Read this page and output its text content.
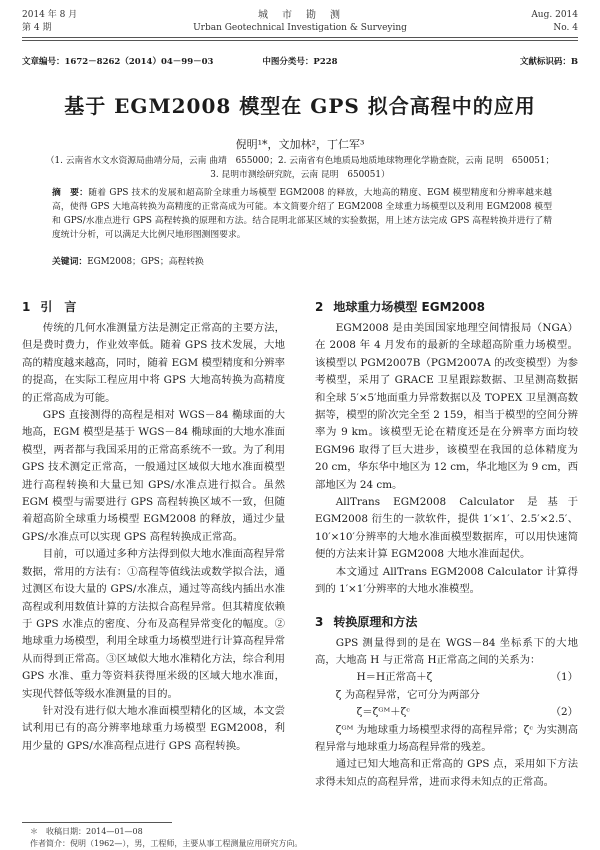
2014 年 8 月
第 4 期
城　市　勘　测
Urban Geotechnical Investigation & Surveying
Aug. 2014
No. 4
文章编号：1672－8262（2014）04－99－03	中图分类号：P228	文献标识码：B
基于 EGM2008 模型在 GPS 拟合高程中的应用
倪明¹*，文加林²，丁仁军³
（1. 云南省水文水资源局曲靖分局，云南 曲靖　655000；2. 云南省有色地质局地质地球物理化学勘查院，云南 昆明　650051；
3. 昆明市测绘研究院，云南 昆明　650051）
摘　要：随着 GPS 技术的发展和超高阶全球重力场模型 EGM2008 的释放，大地高的精度、EGM 模型精度和分辨率越来越高，使得 GPS 大地高转换为高精度的正常高成为可能。本文简要介绍了 EGM2008 全球重力场模型以及利用 EGM2008 模型和 GPS/水准点进行 GPS 高程转换的原理和方法。结合昆明北部某区域的实验数据，用上述方法完成 GPS 高程转换并进行了精度统计分析，可以满足大比例尺地形图测图要求。
关键词：EGM2008；GPS；高程转换
1 引　言

传统的几何水准测量方法是测定正常高的主要方法，但是费时费力，作业效率低。随着 GPS 技术发展，大地高的精度越来越高，同时，随着 EGM 模型精度和分辨率的提高，在实际工程应用中将 GPS 大地高转换为高精度的正常高成为可能。

GPS 直接测得的高程是相对 WGS－84 椭球面的大地高，EGM 模型是基于 WGS－84 椭球面的大地水准面模型，两者都与我国采用的正常高系统不一致。为了利用 GPS 技术测定正常高，一般通过区域似大地水准面模型进行高程转换和大量已知 GPS/水准点进行拟合。虽然 EGM 模型与需要进行 GPS 高程转换区域不一致，但随着超高阶全球重力场模型 EGM2008 的释放，通过少量 GPS/水准点可以实现 GPS 高程转换成正常高。

目前，可以通过多种方法得到似大地水准面高程异常数据，常用的方法有：①高程等值线法或数学拟合法，通过测区布设大量的 GPS/水准点，通过等高线内插出水准高程或利用数值计算的方法拟合高程异常。但其精度依赖于 GPS 水准点的密度、分布及高程异常变化的幅度。②地球重力场模型，利用全球重力场模型进行计算高程异常从而得到正常高。③区域似大地水准精化方法，综合利用 GPS 水准、重力等资料获得厘米级的区域大地水准面，实现代替低等级水准测量的目的。

针对没有进行似大地水准面模型精化的区域，本文尝试利用已有的高分辨率地球重力场模型 EGM2008，利用少量的 GPS/水准高程点进行 GPS 高程转换。

2 地球重力场模型 EGM2008

EGM2008 是由美国国家地理空间情报局（NGA）在 2008 年 4 月发布的最新的全球超高阶重力场模型。该模型以 PGM2007B（PGM2007A 的改变模型）为参考模型，采用了 GRACE 卫星跟踪数据、卫星测高数据和全球 5′×5′地面重力异常数据以及 TOPEX 卫星测高数据等，模型的阶次完全至 2 159，相当于模型的空间分辨率为 9 km。该模型无论在精度还是在分辨率方面均较 EGM96 取得了巨大进步，该模型在我国的总体精度为 20 cm，华东华中地区为 12 cm，华北地区为 9 cm，西部地区为 24 cm。

AllTrans EGM2008 Calculator 是基于 EGM2008 衍生的一款软件，提供 1′×1′、2.5′×2.5′、10′×10′分辨率的大地水准面模型数据库，可以用快速简便的方法来计算 EGM2008 大地水准面起伏。

本文通过 AllTrans EGM2008 Calculator 计算得到的 1′×1′分辨率的大地水准模型。

3 转换原理和方法

GPS 测量得到的是在 WGS－84 坐标系下的大地高，大地高 H 与正常高 H正常高之间的关系为：

H＝H正常高＋ζ	（1）

ζ 为高程异常，它可分为两部分

ζ＝ζᴳᴹ＋ζᶜ	（2）

ζᴳᴹ 为地球重力场模型求得的高程异常；ζᶜ 为实测高程异常与地球重力场高程异常的残差。

通过已知大地高和正常高的 GPS 点，采用如下方法求得未知点的高程异常，进而求得未知点的正常高。

＊　收稿日期：2014—01—08
作者简介：倪明（1962—），男，工程师，主要从事工程测量应用研究方向。
